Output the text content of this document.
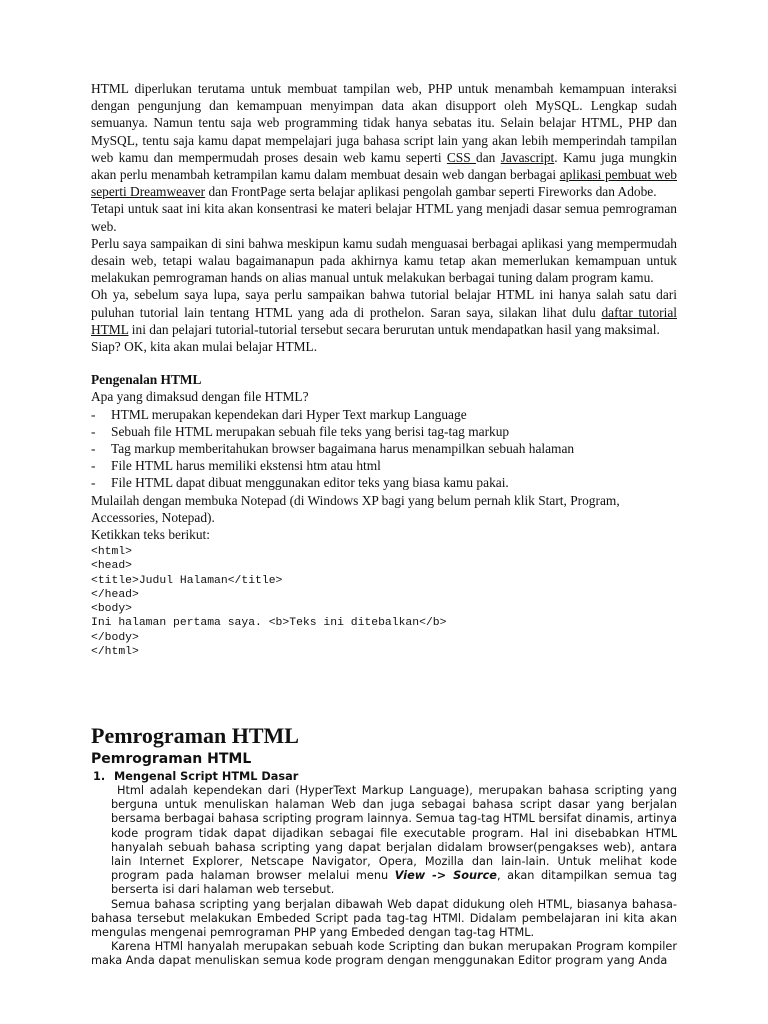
HTML diperlukan terutama untuk membuat tampilan web, PHP untuk menambah kemampuan interaksi dengan pengunjung dan kemampuan menyimpan data akan disupport oleh MySQL. Lengkap sudah semuanya. Namun tentu saja web programming tidak hanya sebatas itu. Selain belajar HTML, PHP dan MySQL, tentu saja kamu dapat mempelajari juga bahasa script lain yang akan lebih memperindah tampilan web kamu dan mempermudah proses desain web kamu seperti CSS dan Javascript. Kamu juga mungkin akan perlu menambah ketrampilan kamu dalam membuat desain web dangan berbagai aplikasi pembuat web seperti Dreamweaver dan FrontPage serta belajar aplikasi pengolah gambar seperti Fireworks dan Adobe.

Tetapi untuk saat ini kita akan konsentrasi ke materi belajar HTML yang menjadi dasar semua pemrograman web.

Perlu saya sampaikan di sini bahwa meskipun kamu sudah menguasai berbagai aplikasi yang mempermudah desain web, tetapi walau bagaimanapun pada akhirnya kamu tetap akan memerlukan kemampuan untuk melakukan pemrograman hands on alias manual untuk melakukan berbagai tuning dalam program kamu.

Oh ya, sebelum saya lupa, saya perlu sampaikan bahwa tutorial belajar HTML ini hanya salah satu dari puluhan tutorial lain tentang HTML yang ada di prothelon. Saran saya, silakan lihat dulu daftar tutorial HTML ini dan pelajari tutorial-tutorial tersebut secara berurutan untuk mendapatkan hasil yang maksimal.

Siap? OK, kita akan mulai belajar HTML.

Pengenalan HTML

Apa yang dimaksud dengan file HTML?

- HTML merupakan kependekan dari Hyper Text markup Language
- Sebuah file HTML merupakan sebuah file teks yang berisi tag-tag markup
- Tag markup memberitahukan browser bagaimana harus menampilkan sebuah halaman
- File HTML harus memiliki ekstensi htm atau html
- File HTML dapat dibuat menggunakan editor teks yang biasa kamu pakai.

Mulailah dengan membuka Notepad (di Windows XP bagi yang belum pernah klik Start, Program, Accessories, Notepad).

Ketikkan teks berikut:

<html>
<head>
<title>Judul Halaman</title>
</head>
<body>
Ini halaman pertama saya. <b>Teks ini ditebalkan</b>
</body>
</html>

Pemrograman HTML

Pemrograman HTML

1. Mengenal Script HTML Dasar

Html adalah kependekan dari (HyperText Markup Language), merupakan bahasa scripting yang berguna untuk menuliskan halaman Web dan juga sebagai bahasa script dasar yang berjalan bersama berbagai bahasa scripting program lainnya. Semua tag-tag HTML bersifat dinamis, artinya kode program tidak dapat dijadikan sebagai file executable program. Hal ini disebabkan HTML hanyalah sebuah bahasa scripting yang dapat berjalan didalam browser(pengakses web), antara lain Internet Explorer, Netscape Navigator, Opera, Mozilla dan lain-lain. Untuk melihat kode program pada halaman browser melalui menu View -> Source, akan ditampilkan semua tag berserta isi dari halaman web tersebut.

Semua bahasa scripting yang berjalan dibawah Web dapat didukung oleh HTML, biasanya bahasa-bahasa tersebut melakukan Embeded Script pada tag-tag HTMl. Didalam pembelajaran ini kita akan mengulas mengenai pemrograman PHP yang Embeded dengan tag-tag HTML.

Karena HTMl hanyalah merupakan sebuah kode Scripting dan bukan merupakan Program kompiler maka Anda dapat menuliskan semua kode program dengan menggunakan Editor program yang Anda
